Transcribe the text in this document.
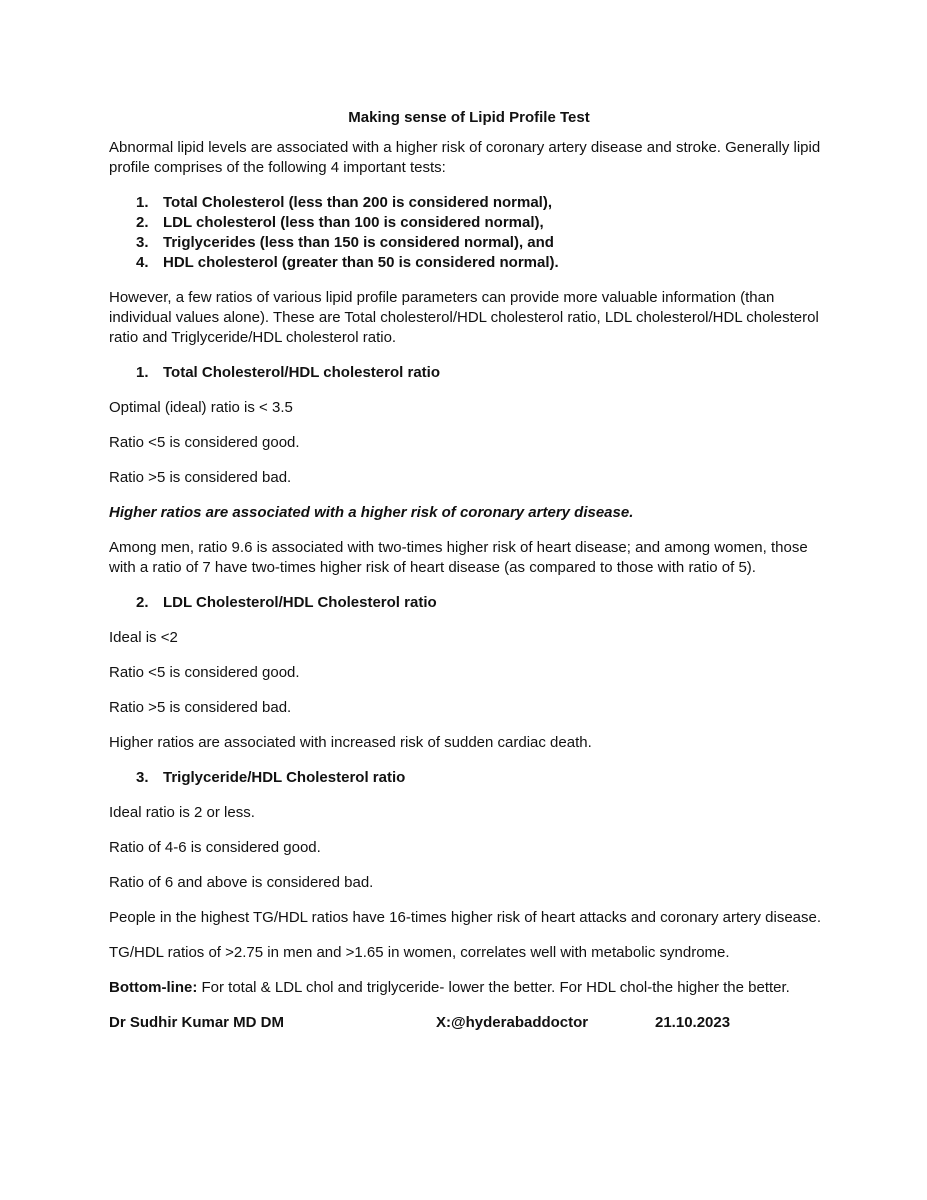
Making sense of Lipid Profile Test
Abnormal lipid levels are associated with a higher risk of coronary artery disease and stroke. Generally lipid profile comprises of the following 4 important tests:
1. Total Cholesterol (less than 200 is considered normal),
2. LDL cholesterol (less than 100 is considered normal),
3. Triglycerides (less than 150 is considered normal), and
4. HDL cholesterol (greater than 50 is considered normal).
However, a few ratios of various lipid profile parameters can provide more valuable information (than individual values alone). These are Total cholesterol/HDL cholesterol ratio, LDL cholesterol/HDL cholesterol ratio and Triglyceride/HDL cholesterol ratio.
1. Total Cholesterol/HDL cholesterol ratio
Optimal (ideal) ratio is < 3.5
Ratio <5 is considered good.
Ratio >5 is considered bad.
Higher ratios are associated with a higher risk of coronary artery disease.
Among men, ratio 9.6 is associated with two-times higher risk of heart disease; and among women, those with a ratio of 7 have two-times higher risk of heart disease (as compared to those with ratio of 5).
2. LDL Cholesterol/HDL Cholesterol ratio
Ideal is <2
Ratio <5 is considered good.
Ratio >5 is considered bad.
Higher ratios are associated with increased risk of sudden cardiac death.
3. Triglyceride/HDL Cholesterol ratio
Ideal ratio is 2 or less.
Ratio of 4-6 is considered good.
Ratio of 6 and above is considered bad.
People in the highest TG/HDL ratios have 16-times higher risk of heart attacks and coronary artery disease.
TG/HDL ratios of >2.75 in men and >1.65 in women, correlates well with metabolic syndrome.
Bottom-line: For total & LDL chol and triglyceride- lower the better. For HDL chol-the higher the better.
Dr Sudhir Kumar MD DM	X:@hyderabaddoctor	21.10.2023
